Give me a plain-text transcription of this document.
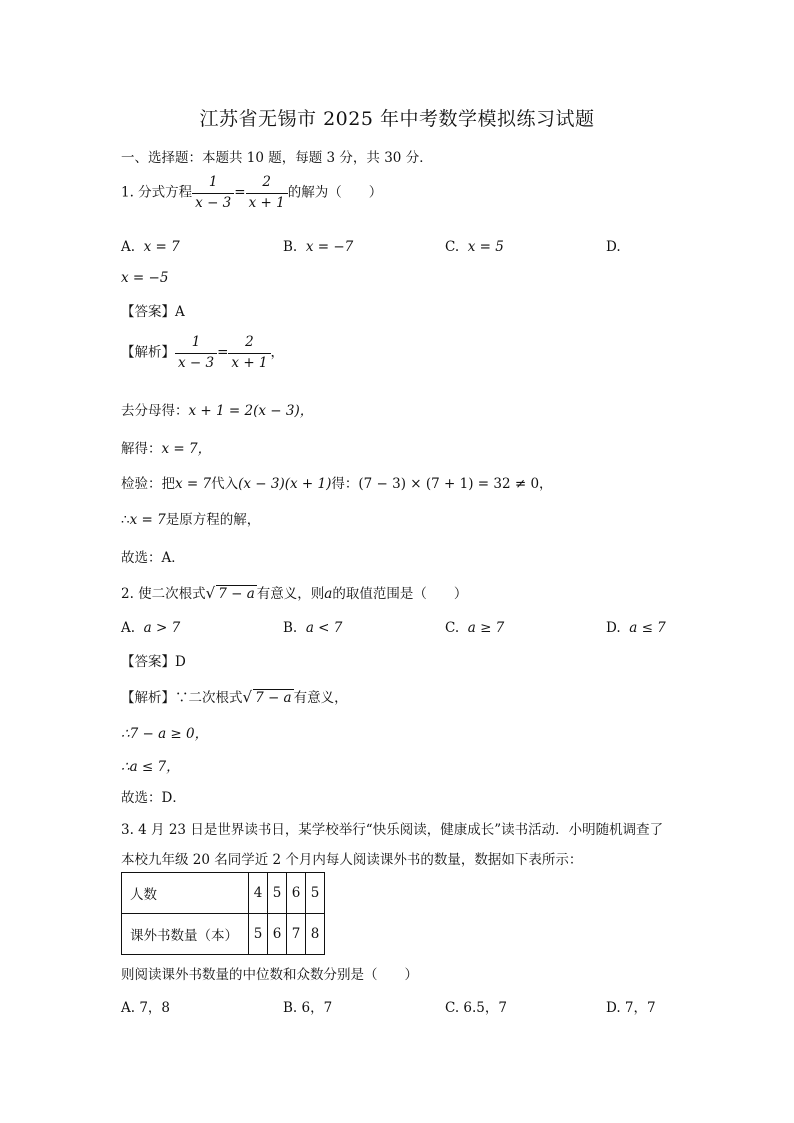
江苏省无锡市 2025 年中考数学模拟练习试题
一、选择题：本题共 10 题，每题 3 分，共 30 分．
1. 分式方程 $\frac{1}{x - 3} = \frac{2}{x + 1}$ 的解为（　　）
A. x = 7	B. x = −7	C. x = 5	D.
x = −5
【答案】A
【解析】 $\frac{1}{x - 3} = \frac{2}{x + 1}$ ，
去分母得：x + 1 = 2(x − 3)，
解得：x = 7，
检验：把x = 7代入(x − 3)(x + 1)得：(7 − 3) × (7 + 1) = 32 ≠ 0，
∴x = 7是原方程的解，
故选：A．
2. 使二次根式√ 7 − a 有意义，则a的取值范围是（　　）
A. a > 7	B. a < 7	C. a ≥ 7	D. a ≤ 7
【答案】D
【解析】∵二次根式√ 7 − a 有意义，
∴7 − a ≥ 0，
∴a ≤ 7，
故选：D．
3. 4 月 23 日是世界读书日，某学校举行“快乐阅读，健康成长”读书活动．小明随机调查了
本校九年级 20 名同学近 2 个月内每人阅读课外书的数量，数据如下表所示：
人数	4	5	6	5
课外书数量（本）	5	6	7	8
则阅读课外书数量的中位数和众数分别是（　　）
A. 7，8	B. 6，7	C. 6.5，7	D. 7，7
